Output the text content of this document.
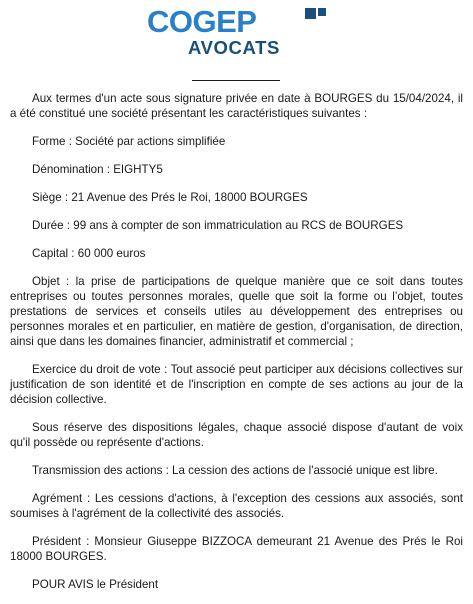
COGEP
AVOCATS

Aux termes d'un acte sous signature privée en date à BOURGES du 15/04/2024, il a été constitué une société présentant les caractéristiques suivantes :

Forme : Société par actions simplifiée

Dénomination : EIGHTY5

Siège : 21 Avenue des Prés le Roi, 18000 BOURGES

Durée : 99 ans à compter de son immatriculation au RCS de BOURGES

Capital : 60 000 euros

Objet : la prise de participations de quelque manière que ce soit dans toutes entreprises ou toutes personnes morales, quelle que soit la forme ou l’objet, toutes prestations de services et conseils utiles au développement des entreprises ou personnes morales et en particulier, en matière de gestion, d'organisation, de direction, ainsi que dans les domaines financier, administratif et commercial ;

Exercice du droit de vote : Tout associé peut participer aux décisions collectives sur justification de son identité et de l'inscription en compte de ses actions au jour de la décision collective.

Sous réserve des dispositions légales, chaque associé dispose d'autant de voix qu'il possède ou représente d'actions.

Transmission des actions : La cession des actions de l'associé unique est libre.

Agrément : Les cessions d'actions, à l'exception des cessions aux associés, sont soumises à l'agrément de la collectivité des associés.

Président : Monsieur Giuseppe BIZZOCA demeurant 21 Avenue des Prés le Roi 18000 BOURGES.

POUR AVIS le Président
